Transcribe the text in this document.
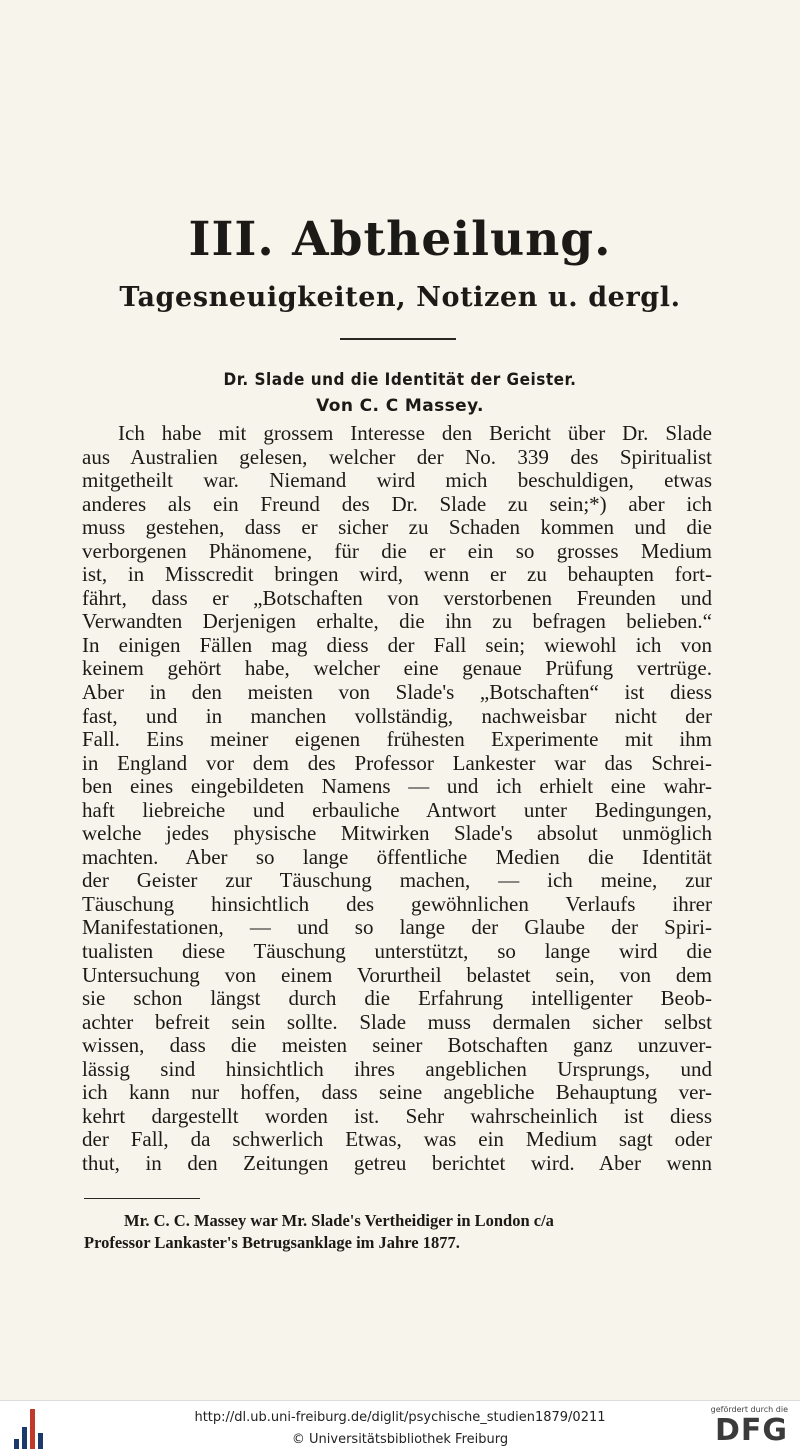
III. Abtheilung.
Tagesneuigkeiten, Notizen u. dergl.
Dr. Slade und die Identität der Geister.
Von C. C Massey.
Ich habe mit grossem Interesse den Bericht über Dr. Slade
aus Australien gelesen, welcher der No. 339 des Spiritualist
mitgetheilt war. Niemand wird mich beschuldigen, etwas
anderes als ein Freund des Dr. Slade zu sein;*) aber ich
muss gestehen, dass er sicher zu Schaden kommen und die
verborgenen Phänomene, für die er ein so grosses Medium
ist, in Misscredit bringen wird, wenn er zu behaupten fort-
fährt, dass er „Botschaften von verstorbenen Freunden und
Verwandten Derjenigen erhalte, die ihn zu befragen belieben.“
In einigen Fällen mag diess der Fall sein; wiewohl ich von
keinem gehört habe, welcher eine genaue Prüfung vertrüge.
Aber in den meisten von Slade's „Botschaften“ ist diess
fast, und in manchen vollständig, nachweisbar nicht der
Fall. Eins meiner eigenen frühesten Experimente mit ihm
in England vor dem des Professor Lankester war das Schrei-
ben eines eingebildeten Namens — und ich erhielt eine wahr-
haft liebreiche und erbauliche Antwort unter Bedingungen,
welche jedes physische Mitwirken Slade's absolut unmöglich
machten. Aber so lange öffentliche Medien die Identität
der Geister zur Täuschung machen, — ich meine, zur
Täuschung hinsichtlich des gewöhnlichen Verlaufs ihrer
Manifestationen, — und so lange der Glaube der Spiri-
tualisten diese Täuschung unterstützt, so lange wird die
Untersuchung von einem Vorurtheil belastet sein, von dem
sie schon längst durch die Erfahrung intelligenter Beob-
achter befreit sein sollte. Slade muss dermalen sicher selbst
wissen, dass die meisten seiner Botschaften ganz unzuver-
lässig sind hinsichtlich ihres angeblichen Ursprungs, und
ich kann nur hoffen, dass seine angebliche Behauptung ver-
kehrt dargestellt worden ist. Sehr wahrscheinlich ist diess
der Fall, da schwerlich Etwas, was ein Medium sagt oder
thut, in den Zeitungen getreu berichtet wird. Aber wenn
Mr. C. C. Massey war Mr. Slade's Vertheidiger in London c/a
Professor Lankaster's Betrugsanklage im Jahre 1877.
http://dl.ub.uni-freiburg.de/diglit/psychische_studien1879/0211
© Universitätsbibliothek Freiburg
gefördert durch die
DFG
